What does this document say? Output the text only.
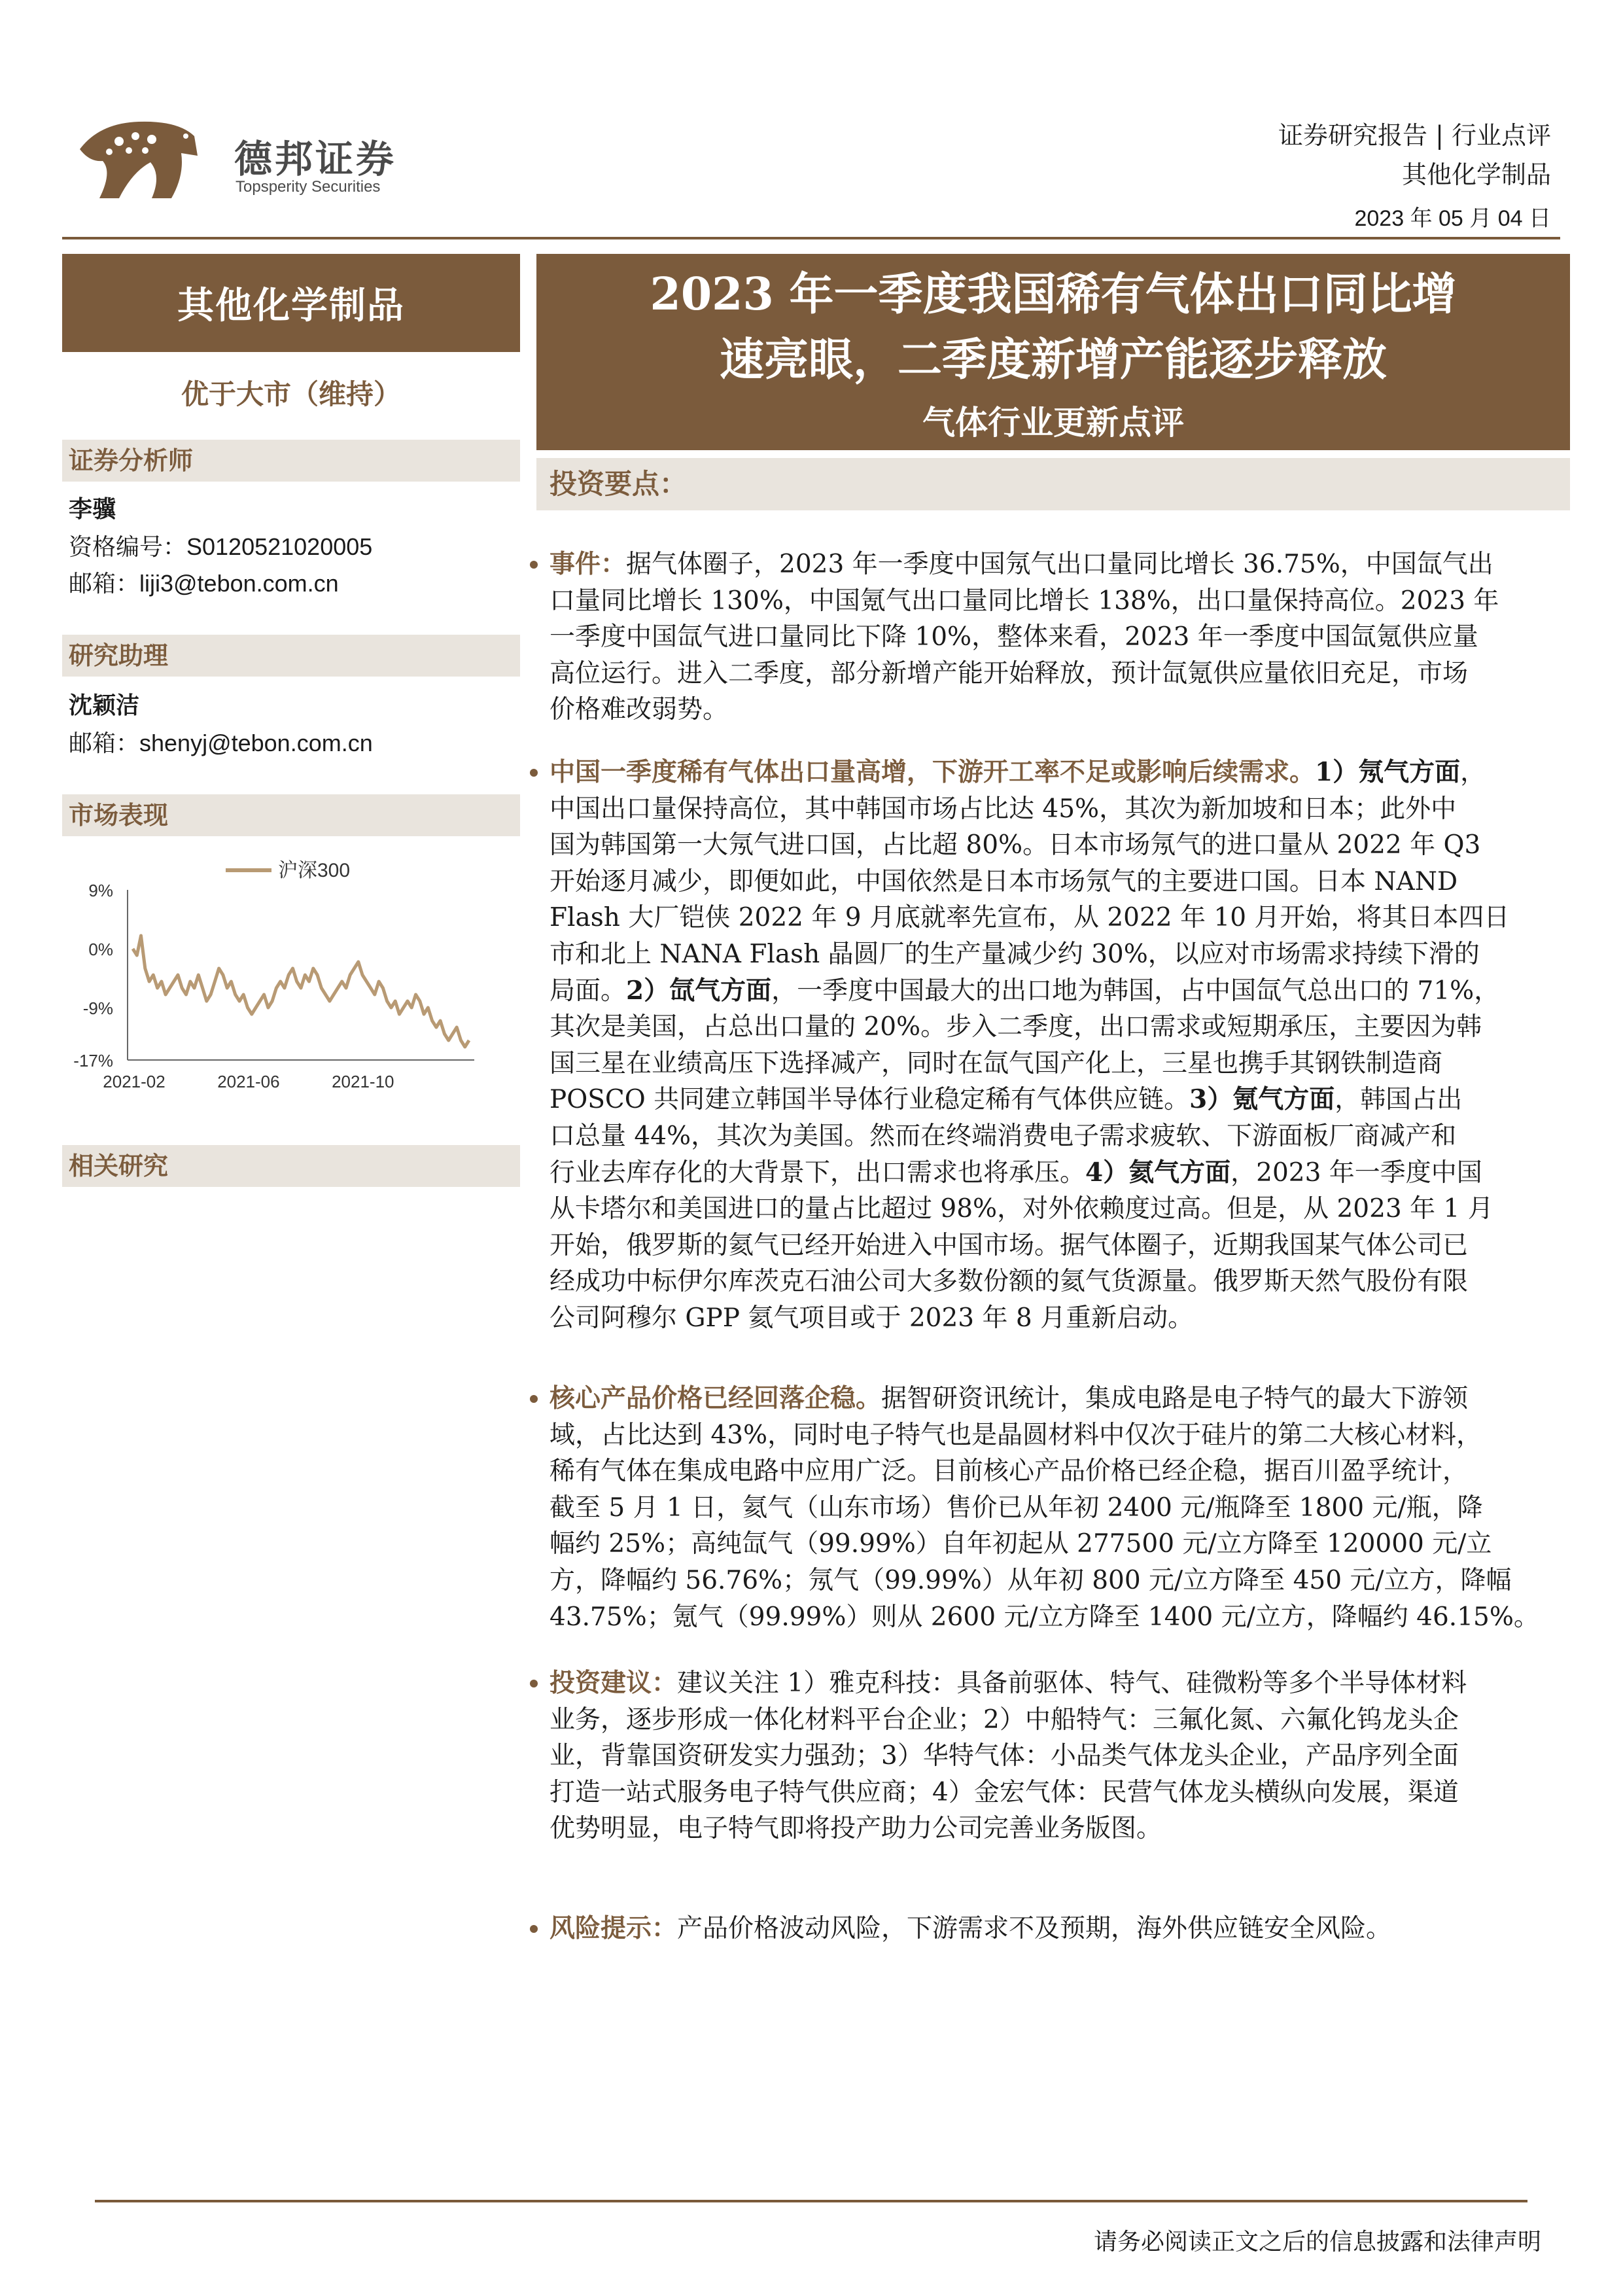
德邦证券
Topsperity Securities
证券研究报告 | 行业点评
其他化学制品
2023 年 05 月 04 日
其他化学制品
优于大市（维持）
证券分析师
李骥
资格编号：S0120521020005
邮箱：liji3@tebon.com.cn
研究助理
沈颖洁
邮箱：shenyj@tebon.com.cn
市场表现
9%
0%
-9%
-17%
2021-02	2021-06	2021-10
沪深300
相关研究
2023 年一季度我国稀有气体出口同比增
速亮眼，二季度新增产能逐步释放
气体行业更新点评
投资要点：
事件：据气体圈子，2023 年一季度中国氖气出口量同比增长 36.75%，中国氙气出
口量同比增长 130%，中国氪气出口量同比增长 138%，出口量保持高位。2023 年
一季度中国氙气进口量同比下降 10%，整体来看，2023 年一季度中国氙氪供应量
高位运行。进入二季度，部分新增产能开始释放，预计氙氪供应量依旧充足，市场
价格难改弱势。
中国一季度稀有气体出口量高增，下游开工率不足或影响后续需求。1）氖气方面，
中国出口量保持高位，其中韩国市场占比达 45%，其次为新加坡和日本；此外中
国为韩国第一大氖气进口国，占比超 80%。日本市场氖气的进口量从 2022 年 Q3
开始逐月减少，即便如此，中国依然是日本市场氖气的主要进口国。日本 NAND
Flash 大厂铠侠 2022 年 9 月底就率先宣布，从 2022 年 10 月开始，将其日本四日
市和北上 NANA Flash 晶圆厂的生产量减少约 30%，以应对市场需求持续下滑的
局面。2）氙气方面，一季度中国最大的出口地为韩国，占中国氙气总出口的 71%，
其次是美国，占总出口量的 20%。步入二季度，出口需求或短期承压，主要因为韩
国三星在业绩高压下选择减产，同时在氙气国产化上，三星也携手其钢铁制造商
POSCO 共同建立韩国半导体行业稳定稀有气体供应链。3）氪气方面，韩国占出
口总量 44%，其次为美国。然而在终端消费电子需求疲软、下游面板厂商减产和
行业去库存化的大背景下，出口需求也将承压。4）氦气方面，2023 年一季度中国
从卡塔尔和美国进口的量占比超过 98%，对外依赖度过高。但是，从 2023 年 1 月
开始，俄罗斯的氦气已经开始进入中国市场。据气体圈子，近期我国某气体公司已
经成功中标伊尔库茨克石油公司大多数份额的氦气货源量。俄罗斯天然气股份有限
公司阿穆尔 GPP 氦气项目或于 2023 年 8 月重新启动。
核心产品价格已经回落企稳。据智研资讯统计，集成电路是电子特气的最大下游领
域，占比达到 43%，同时电子特气也是晶圆材料中仅次于硅片的第二大核心材料，
稀有气体在集成电路中应用广泛。目前核心产品价格已经企稳，据百川盈孚统计，
截至 5 月 1 日，氦气（山东市场）售价已从年初 2400 元/瓶降至 1800 元/瓶，降
幅约 25%；高纯氙气（99.99%）自年初起从 277500 元/立方降至 120000 元/立
方，降幅约 56.76%；氖气（99.99%）从年初 800 元/立方降至 450 元/立方，降幅
43.75%；氪气（99.99%）则从 2600 元/立方降至 1400 元/立方，降幅约 46.15%。
投资建议：建议关注 1）雅克科技：具备前驱体、特气、硅微粉等多个半导体材料
业务，逐步形成一体化材料平台企业；2）中船特气：三氟化氮、六氟化钨龙头企
业，背靠国资研发实力强劲；3）华特气体：小品类气体龙头企业，产品序列全面
打造一站式服务电子特气供应商；4）金宏气体：民营气体龙头横纵向发展，渠道
优势明显，电子特气即将投产助力公司完善业务版图。
风险提示：产品价格波动风险，下游需求不及预期，海外供应链安全风险。
请务必阅读正文之后的信息披露和法律声明
